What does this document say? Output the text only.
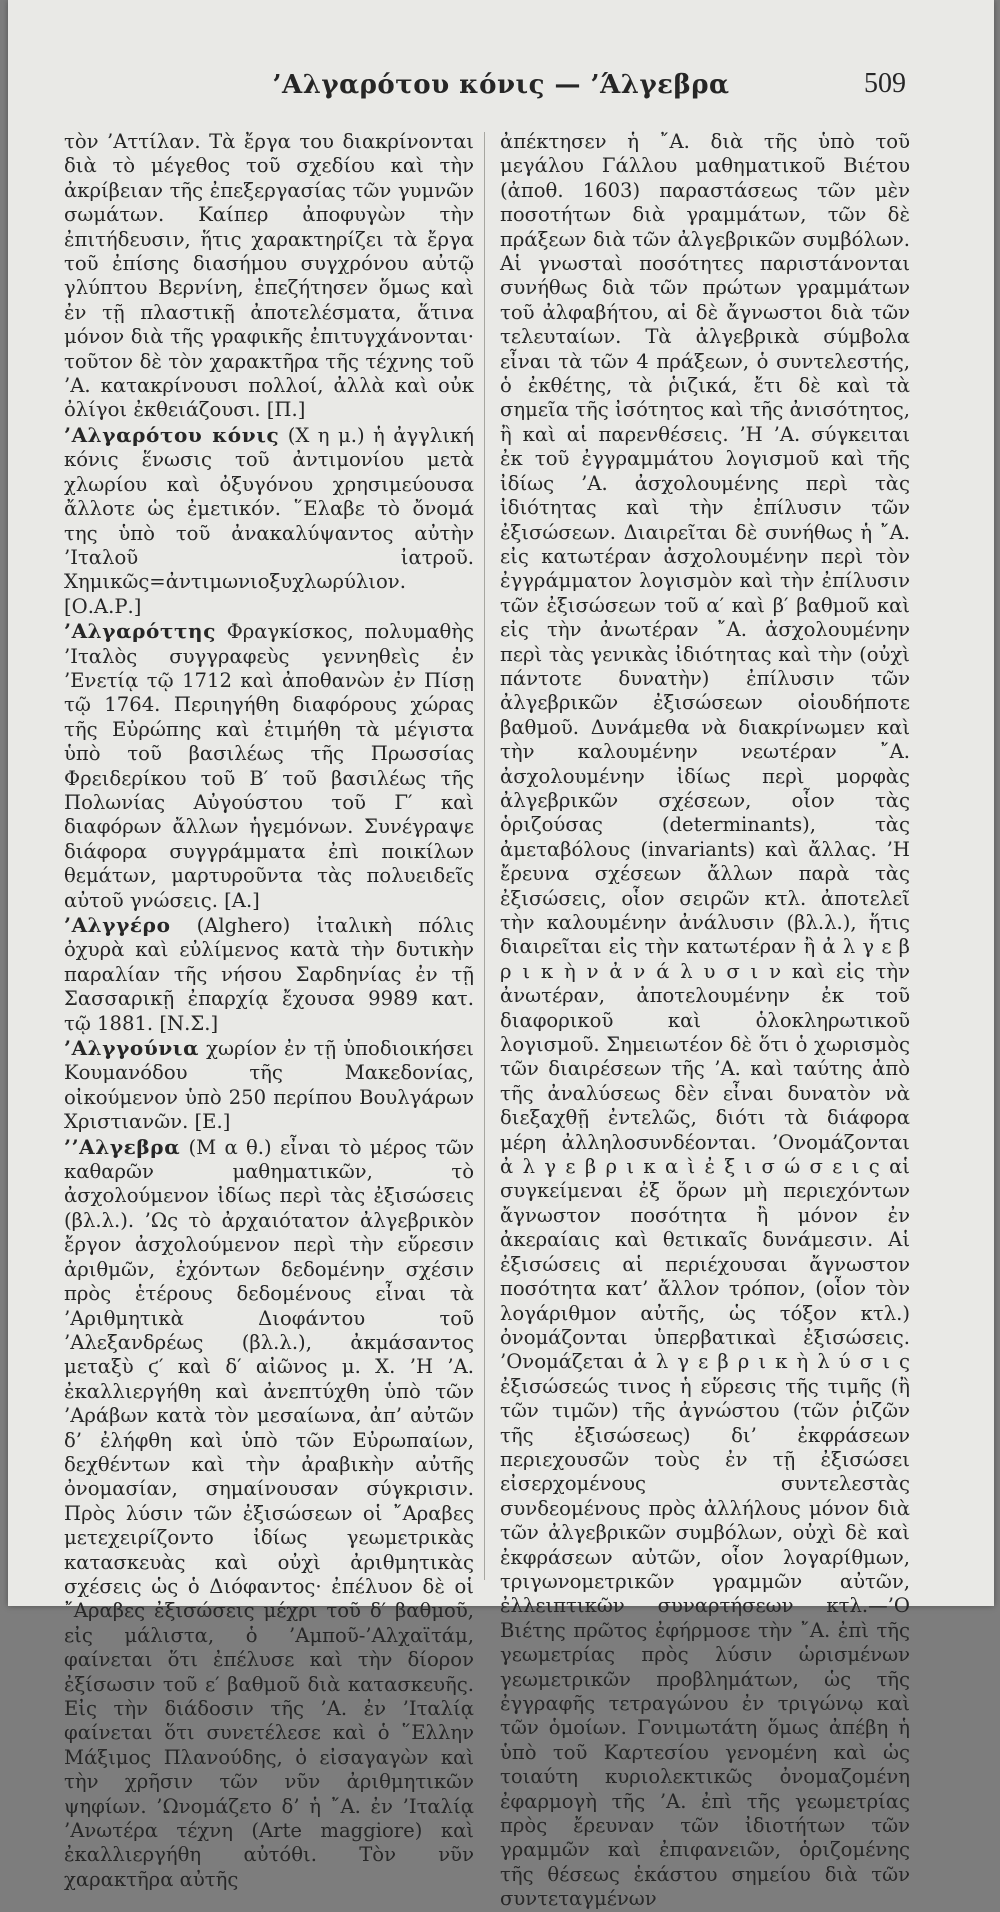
’Αλγαρότου κόνις — ’Άλγεβρα	509

τὸν ’Αττίλαν. Τὰ ἔργα του διακρίνονται διὰ τὸ μέγεθος τοῦ σχεδίου καὶ τὴν ἀκρίβειαν τῆς ἐπεξεργασίας τῶν γυμνῶν σωμάτων. Καίπερ ἀποφυγὼν τὴν ἐπιτήδευσιν, ἥτις χαρακτηρίζει τὰ ἔργα τοῦ ἐπίσης διασήμου συγχρόνου αὐτῷ γλύπτου Βερνίνη, ἐπεζήτησεν ὅμως καὶ ἐν τῇ πλαστικῇ ἀποτελέσματα, ἅτινα μόνον διὰ τῆς γραφικῆς ἐπιτυγχάνονται· τοῦτον δὲ τὸν χαρακτῆρα τῆς τέχνης τοῦ ’Α. κατακρίνουσι πολλοί, ἀλλὰ καὶ οὐκ ὀλίγοι ἐκθειάζουσι. [Π.]

’Αλγαρότου κόνις (Χ η μ.) ἡ ἀγγλική κόνις ἕνωσις τοῦ ἀντιμονίου μετὰ χλωρίου καὶ ὀξυγόνου χρησιμεύουσα ἄλλοτε ὡς ἐμετικόν. ῞Ελαβε τὸ ὄνομά της ὑπὸ τοῦ ἀνακαλύψαντος αὐτὴν ’Ιταλοῦ ἰατροῦ. Χημικῶς=ἀντιμωνιοξυχλωρύλιον. [Ο.Α.Ρ.]

’Αλγαρόττης Φραγκίσκος, πολυμαθὴς ’Ιταλὸς συγγραφεὺς γεννηθεὶς ἐν ’Ενετίᾳ τῷ 1712 καὶ ἀποθανὼν ἐν Πίσῃ τῷ 1764. Περιηγήθη διαφόρους χώρας τῆς Εὐρώπης καὶ ἐτιμήθη τὰ μέγιστα ὑπὸ τοῦ βασιλέως τῆς Πρωσσίας Φρειδερίκου τοῦ Β′ τοῦ βασιλέως τῆς Πολωνίας Αὐγούστου τοῦ Γ′ καὶ διαφόρων ἄλλων ἡγεμόνων. Συνέγραψε διάφορα συγγράμματα ἐπὶ ποικίλων θεμάτων, μαρτυροῦντα τὰς πολυειδεῖς αὐτοῦ γνώσεις. [Α.]

’Αλγγέρο (Alghero) ἰταλικὴ πόλις ὀχυρὰ καὶ εὐλίμενος κατὰ τὴν δυτικὴν παραλίαν τῆς νήσου Σαρδηνίας ἐν τῇ Σασσαρικῇ ἐπαρχίᾳ ἔχουσα 9989 κατ. τῷ 1881. [Ν.Σ.]

’Αλγγούνια χωρίον ἐν τῇ ὑποδιοικήσει Κουμανόδου τῆς Μακεδονίας, οἰκούμενον ὑπὸ 250 περίπου Βουλγάρων Χριστιανῶν. [Ε.]

’’Αλγεβρα (Μ α θ.) εἶναι τὸ μέρος τῶν καθαρῶν μαθηματικῶν, τὸ ἀσχολούμενον ἰδίως περὶ τὰς ἐξισώσεις (βλ.λ.). ’Ως τὸ ἀρχαιότατον ἀλγεβρικὸν ἔργον ἀσχολούμενον περὶ τὴν εὕρεσιν ἀριθμῶν, ἐχόντων δεδομένην σχέσιν πρὸς ἑτέρους δεδομένους εἶναι τὰ ’Αριθμητικὰ Διοφάντου τοῦ ’Αλεξανδρέως (βλ.λ.), ἀκμάσαντος μεταξὺ ϛ′ καὶ δ′ αἰῶνος μ. Χ. ’Η ’Α. ἐκαλλιεργήθη καὶ ἀνεπτύχθη ὑπὸ τῶν ’Αράβων κατὰ τὸν μεσαίωνα, ἀπ’ αὐτῶν δ’ ἐλήφθη καὶ ὑπὸ τῶν Εὐρωπαίων, δεχθέντων καὶ τὴν ἀραβικὴν αὐτῆς ὀνομασίαν, σημαίνουσαν σύγκρισιν. Πρὸς λύσιν τῶν ἐξισώσεων οἱ ῎Αραβες μετεχειρίζοντο ἰδίως γεωμετρικὰς κατασκευὰς καὶ οὐχὶ ἀριθμητικὰς σχέσεις ὡς ὁ Διόφαντος· ἐπέλυον δὲ οἱ ῎Αραβες ἐξισώσεις μέχρι τοῦ δ′ βαθμοῦ, εἰς μάλιστα, ὁ ’Αμποῦ-’Αλχαϊτάμ, φαίνεται ὅτι ἐπέλυσε καὶ τὴν δίορον ἐξίσωσιν τοῦ ε′ βαθμοῦ διὰ κατασκευῆς. Εἰς τὴν διάδοσιν τῆς ’Α. ἐν ’Ιταλίᾳ φαίνεται ὅτι συνετέλεσε καὶ ὁ ῞Ελλην Μάξιμος Πλανούδης, ὁ εἰσαγαγὼν καὶ τὴν χρῆσιν τῶν νῦν ἀριθμητικῶν ψηφίων. ’Ωνομάζετο δ’ ἡ ῎Α. ἐν ’Ιταλίᾳ ’Ανωτέρα τέχνη (Arte maggiore) καὶ ἐκαλλιεργήθη αὐτόθι. Τὸν νῦν χαρακτῆρα αὐτῆς

ἀπέκτησεν ἡ ῎Α. διὰ τῆς ὑπὸ τοῦ μεγάλου Γάλλου μαθηματικοῦ Βιέτου (ἀποθ. 1603) παραστάσεως τῶν μὲν ποσοτήτων διὰ γραμμάτων, τῶν δὲ πράξεων διὰ τῶν ἀλγεβρικῶν συμβόλων. Αἱ γνωσταὶ ποσότητες παριστάνονται συνήθως διὰ τῶν πρώτων γραμμάτων τοῦ ἀλφαβήτου, αἱ δὲ ἄγνωστοι διὰ τῶν τελευταίων. Τὰ ἀλγεβρικὰ σύμβολα εἶναι τὰ τῶν 4 πράξεων, ὁ συντελεστής, ὁ ἐκθέτης, τὰ ῥιζικά, ἔτι δὲ καὶ τὰ σημεῖα τῆς ἰσότητος καὶ τῆς ἀνισότητος, ἢ καὶ αἱ παρενθέσεις. ’Η ’Α. σύγκειται ἐκ τοῦ ἐγγραμμάτου λογισμοῦ καὶ τῆς ἰδίως ’Α. ἀσχολουμένης περὶ τὰς ἰδιότητας καὶ τὴν ἐπίλυσιν τῶν ἐξισώσεων. Διαιρεῖται δὲ συνήθως ἡ ῎Α. εἰς κατωτέραν ἀσχολουμένην περὶ τὸν ἐγγράμματον λογισμὸν καὶ τὴν ἐπίλυσιν τῶν ἐξισώσεων τοῦ α′ καὶ β′ βαθμοῦ καὶ εἰς τὴν ἀνωτέραν ῎Α. ἀσχολουμένην περὶ τὰς γενικὰς ἰδιότητας καὶ τὴν (οὐχὶ πάντοτε δυνατὴν) ἐπίλυσιν τῶν ἀλγεβρικῶν ἐξισώσεων οἱουδήποτε βαθμοῦ. Δυνάμεθα νὰ διακρίνωμεν καὶ τὴν καλουμένην νεωτέραν ῎Α. ἀσχολουμένην ἰδίως περὶ μορφὰς ἀλγεβρικῶν σχέσεων, οἷον τὰς ὁριζούσας (determinants), τὰς ἀμεταβόλους (invariants) καὶ ἄλλας. ’Η ἔρευνα σχέσεων ἄλλων παρὰ τὰς ἐξισώσεις, οἷον σειρῶν κτλ. ἀποτελεῖ τὴν καλουμένην ἀνάλυσιν (βλ.λ.), ἥτις διαιρεῖται εἰς τὴν κατωτέραν ἢ ἀ λ γ ε β ρ ι κ ὴ ν ἀ ν ά λ υ σ ι ν καὶ εἰς τὴν ἀνωτέραν, ἀποτελουμένην ἐκ τοῦ διαφορικοῦ καὶ ὁλοκληρωτικοῦ λογισμοῦ. Σημειωτέον δὲ ὅτι ὁ χωρισμὸς τῶν διαιρέσεων τῆς ’Α. καὶ ταύτης ἀπὸ τῆς ἀναλύσεως δὲν εἶναι δυνατὸν νὰ διεξαχθῇ ἐντελῶς, διότι τὰ διάφορα μέρη ἀλληλοσυνδέονται. ’Ονομάζονται ἀ λ γ ε β ρ ι κ α ὶ ἐ ξ ι σ ώ σ ε ι ς αἱ συγκείμεναι ἐξ ὅρων μὴ περιεχόντων ἄγνωστον ποσότητα ἢ μόνον ἐν ἀκεραίαις καὶ θετικαῖς δυνάμεσιν. Αἱ ἐξισώσεις αἱ περιέχουσαι ἄγνωστον ποσότητα κατ’ ἄλλον τρόπον, (οἷον τὸν λογάριθμον αὐτῆς, ὡς τόξον κτλ.) ὀνομάζονται ὑπερβατικαὶ ἐξισώσεις. ’Ονομάζεται ἀ λ γ ε β ρ ι κ ὴ λ ύ σ ι ς ἐξισώσεώς τινος ἡ εὕρεσις τῆς τιμῆς (ἢ τῶν τιμῶν) τῆς ἀγνώστου (τῶν ῥιζῶν τῆς ἐξισώσεως) δι’ ἐκφράσεων περιεχουσῶν τοὺς ἐν τῇ ἐξισώσει εἰσερχομένους συντελεστὰς συνδεομένους πρὸς ἀλλήλους μόνον διὰ τῶν ἀλγεβρικῶν συμβόλων, οὐχὶ δὲ καὶ ἐκφράσεων αὐτῶν, οἷον λογαρίθμων, τριγωνομετρικῶν γραμμῶν αὐτῶν, ἐλλειπτικῶν συναρτήσεων κτλ.—’Ο Βιέτης πρῶτος ἐφήρμοσε τὴν ῎Α. ἐπὶ τῆς γεωμετρίας πρὸς λύσιν ὡρισμένων γεωμετρικῶν προβλημάτων, ὡς τῆς ἐγγραφῆς τετραγώνου ἐν τριγώνῳ καὶ τῶν ὁμοίων. Γονιμωτάτη ὅμως ἀπέβη ἡ ὑπὸ τοῦ Καρτεσίου γενομένη καὶ ὡς τοιαύτη κυριολεκτικῶς ὀνομαζομένη ἐφαρμογὴ τῆς ’Α. ἐπὶ τῆς γεωμετρίας πρὸς ἔρευναν τῶν ἰδιοτήτων τῶν γραμμῶν καὶ ἐπιφανειῶν, ὁριζομένης τῆς θέσεως ἑκάστου σημείου διὰ τῶν συντεταγμένων
